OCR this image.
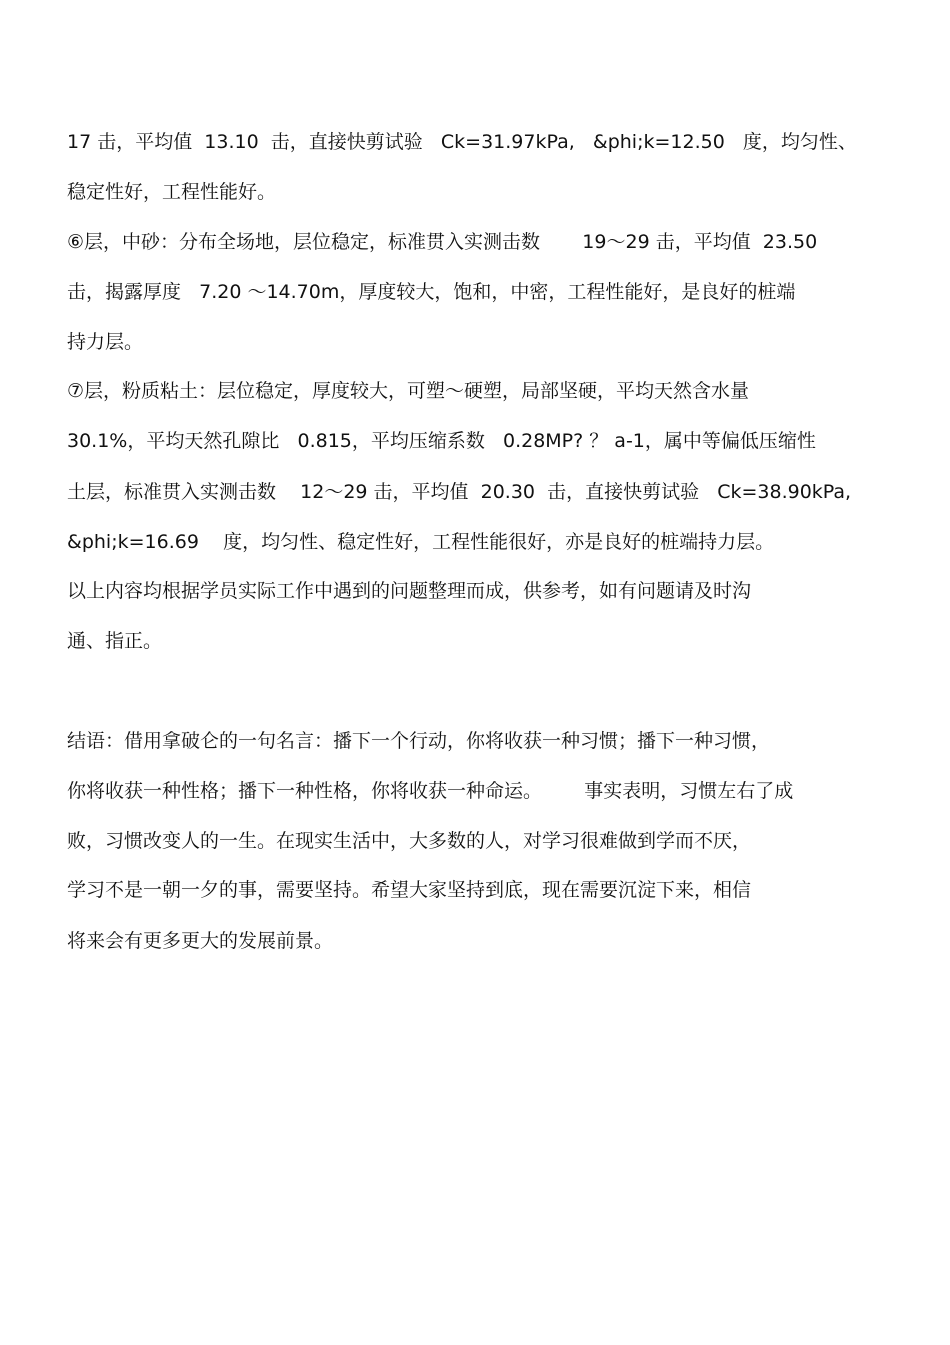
17 击，平均值  13.10  击，直接快剪试验   Ck=31.97kPa,   &phi;k=12.50   度，均匀性、
稳定性好，工程性能好。
⑥层，中砂：分布全场地，层位稳定，标准贯入实测击数       19～29 击，平均值  23.50
击，揭露厚度   7.20 ～14.70m，厚度较大，饱和，中密，工程性能好，是良好的桩端
持力层。
⑦层，粉质粘土：层位稳定，厚度较大，可塑～硬塑，局部坚硬，平均天然含水量
30.1%，平均天然孔隙比   0.815，平均压缩系数   0.28MP? ？ a-1，属中等偏低压缩性
土层，标准贯入实测击数    12～29 击，平均值  20.30  击，直接快剪试验   Ck=38.90kPa,
&phi;k=16.69    度，均匀性、稳定性好，工程性能很好，亦是良好的桩端持力层。
以上内容均根据学员实际工作中遇到的问题整理而成，供参考，如有问题请及时沟
通、指正。
结语：借用拿破仑的一句名言：播下一个行动，你将收获一种习惯；播下一种习惯，
你将收获一种性格；播下一种性格，你将收获一种命运。       事实表明，习惯左右了成
败，习惯改变人的一生。在现实生活中，大多数的人，对学习很难做到学而不厌，
学习不是一朝一夕的事，需要坚持。希望大家坚持到底，现在需要沉淀下来，相信
将来会有更多更大的发展前景。
